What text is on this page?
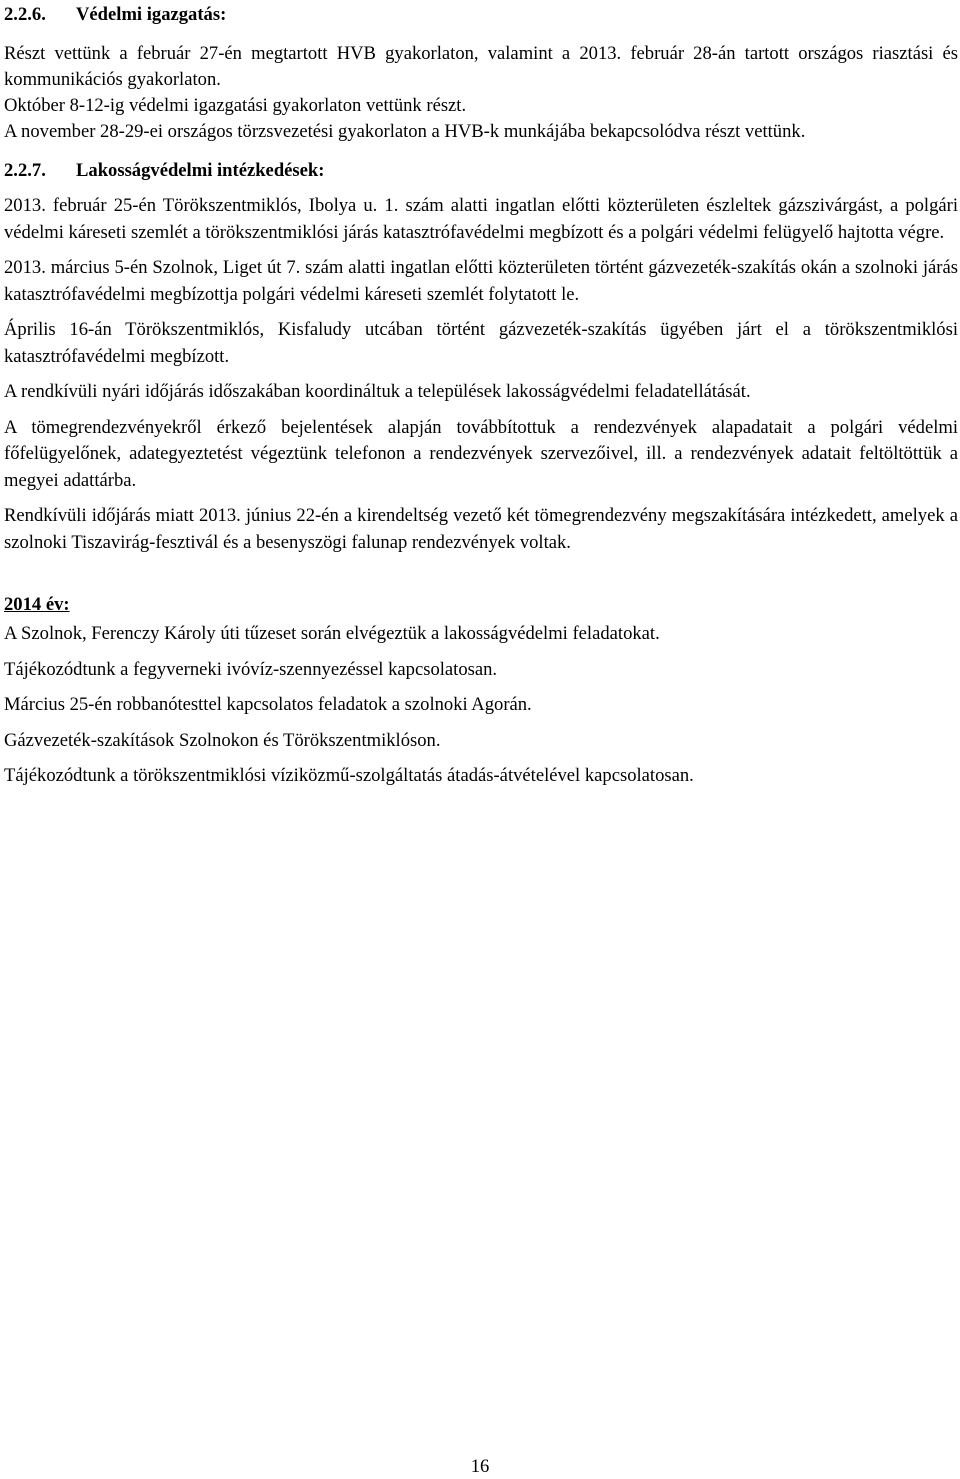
2.2.6. Védelmi igazgatás:

Részt vettünk a február 27-én megtartott HVB gyakorlaton, valamint a 2013. február 28-án tartott országos riasztási és kommunikációs gyakorlaton.

Október 8-12-ig védelmi igazgatási gyakorlaton vettünk részt.

A november 28-29-ei országos törzsvezetési gyakorlaton a HVB-k munkájába bekapcsolódva részt vettünk.

2.2.7. Lakosságvédelmi intézkedések:

2013. február 25-én Törökszentmiklós, Ibolya u. 1. szám alatti ingatlan előtti közterületen észleltek gázszivárgást, a polgári védelmi káreseti szemlét a törökszentmiklósi járás katasztrófavédelmi megbízott és a polgári védelmi felügyelő hajtotta végre.

2013. március 5-én Szolnok, Liget út 7. szám alatti ingatlan előtti közterületen történt gázvezeték-szakítás okán a szolnoki járás katasztrófavédelmi megbízottja polgári védelmi káreseti szemlét folytatott le.

Április 16-án Törökszentmiklós, Kisfaludy utcában történt gázvezeték-szakítás ügyében járt el a törökszentmiklósi katasztrófavédelmi megbízott.

A rendkívüli nyári időjárás időszakában koordináltuk a települések lakosságvédelmi feladatellátását.

A tömegrendezvényekről érkező bejelentések alapján továbbítottuk a rendezvények alapadatait a polgári védelmi főfelügyelőnek, adategyeztetést végeztünk telefonon a rendezvények szervezőivel, ill. a rendezvények adatait feltöltöttük a megyei adattárba.

Rendkívüli időjárás miatt 2013. június 22-én a kirendeltség vezető két tömegrendezvény megszakítására intézkedett, amelyek a szolnoki Tiszavirág-fesztivál és a besenyszögi falunap rendezvények voltak.

2014 év:

A Szolnok, Ferenczy Károly úti tűzeset során elvégeztük a lakosságvédelmi feladatokat.

Tájékozódtunk a fegyverneki ivóvíz-szennyezéssel kapcsolatosan.

Március 25-én robbanótesttel kapcsolatos feladatok a szolnoki Agorán.

Gázvezeték-szakítások Szolnokon és Törökszentmiklóson.

Tájékozódtunk a törökszentmiklósi víziközmű-szolgáltatás átadás-átvételével kapcsolatosan.

16
